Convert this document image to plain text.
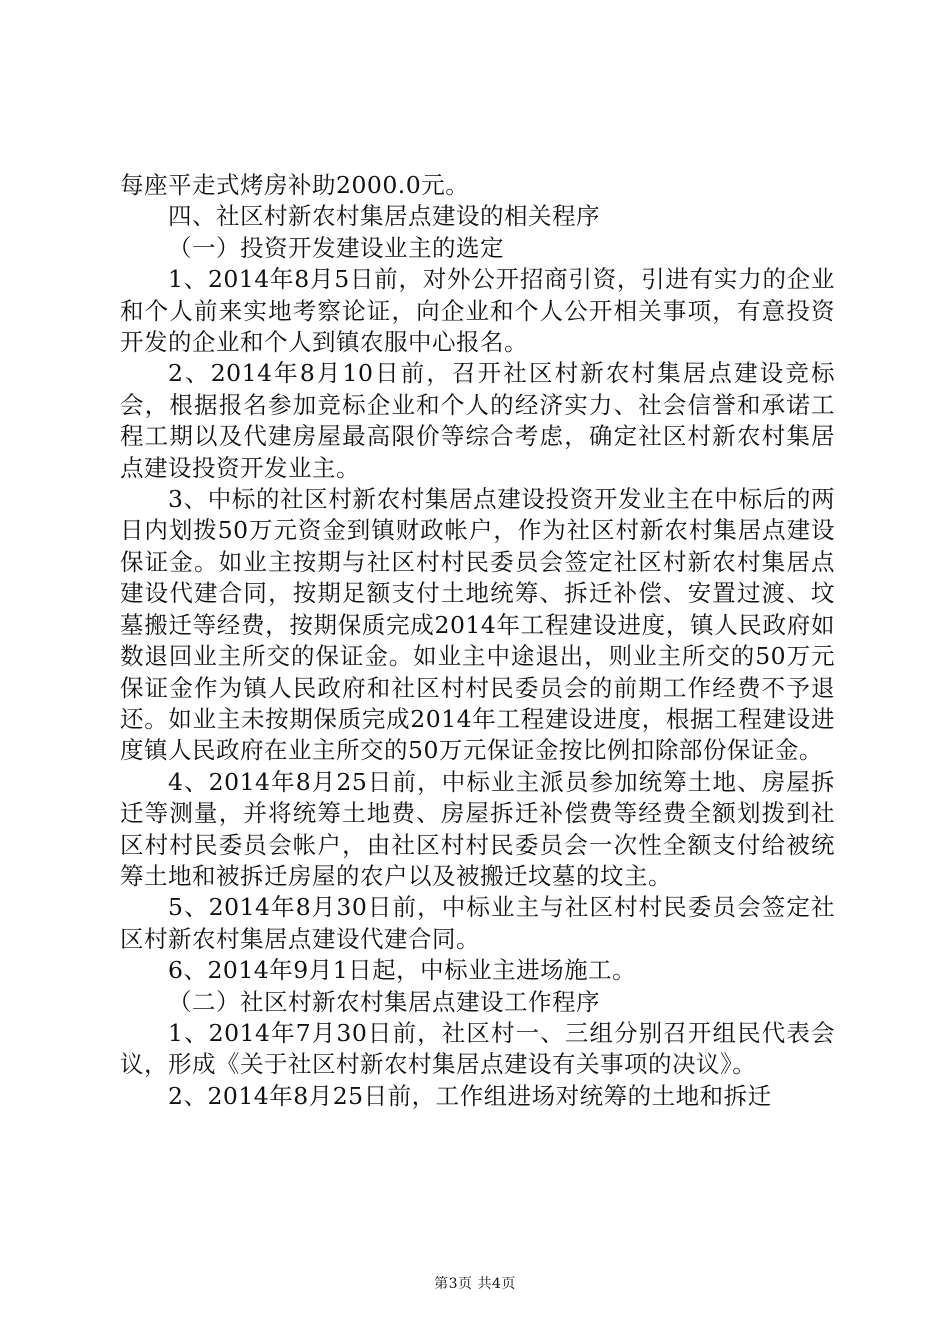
每座平走式烤房补助2000.0元。

四、社区村新农村集居点建设的相关程序

（一）投资开发建设业主的选定

1、2014年8月5日前，对外公开招商引资，引进有实力的企业和个人前来实地考察论证，向企业和个人公开相关事项，有意投资开发的企业和个人到镇农服中心报名。

2、2014年8月10日前，召开社区村新农村集居点建设竞标会，根据报名参加竞标企业和个人的经济实力、社会信誉和承诺工程工期以及代建房屋最高限价等综合考虑，确定社区村新农村集居点建设投资开发业主。

3、中标的社区村新农村集居点建设投资开发业主在中标后的两日内划拨50万元资金到镇财政帐户，作为社区村新农村集居点建设保证金。如业主按期与社区村村民委员会签定社区村新农村集居点建设代建合同，按期足额支付土地统筹、拆迁补偿、安置过渡、坟墓搬迁等经费，按期保质完成2014年工程建设进度，镇人民政府如数退回业主所交的保证金。如业主中途退出，则业主所交的50万元保证金作为镇人民政府和社区村村民委员会的前期工作经费不予退还。如业主未按期保质完成2014年工程建设进度，根据工程建设进度镇人民政府在业主所交的50万元保证金按比例扣除部份保证金。

4、2014年8月25日前，中标业主派员参加统筹土地、房屋拆迁等测量，并将统筹土地费、房屋拆迁补偿费等经费全额划拨到社区村村民委员会帐户，由社区村村民委员会一次性全额支付给被统筹土地和被拆迁房屋的农户以及被搬迁坟墓的坟主。

5、2014年8月30日前，中标业主与社区村村民委员会签定社区村新农村集居点建设代建合同。

6、2014年9月1日起，中标业主进场施工。

（二）社区村新农村集居点建设工作程序

1、2014年7月30日前，社区村一、三组分别召开组民代表会议，形成《关于社区村新农村集居点建设有关事项的决议》。

2、2014年8月25日前，工作组进场对统筹的土地和拆迁

第3页 共4页
